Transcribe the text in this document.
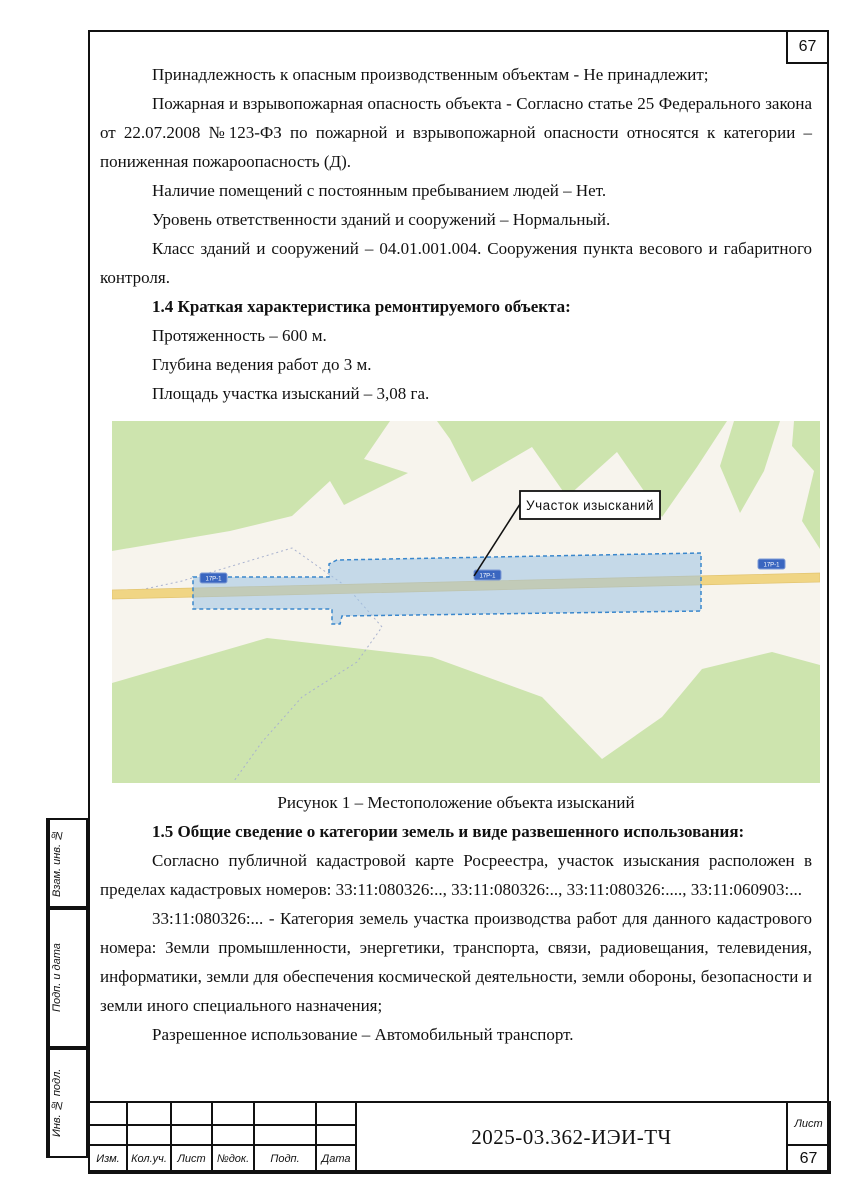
67

Принадлежность к опасным производственным объектам - Не принадлежит;

Пожарная и взрывопожарная опасность объекта - Согласно статье 25 Федерального закона от 22.07.2008 №123-ФЗ по пожарной и взрывопожарной опасности относятся к категории – пониженная пожароопасность (Д).

Наличие помещений с постоянным пребыванием людей – Нет.

Уровень ответственности зданий и сооружений – Нормальный.

Класс зданий и сооружений – 04.01.001.004. Сооружения пункта весового и габаритного контроля.

1.4 Краткая характеристика ремонтируемого объекта:

Протяженность – 600 м.

Глубина ведения работ до 3 м.

Площадь участка изысканий – 3,08 га.

17Р-1	17Р-1
17Р-1
Участок изысканий

Рисунок 1 – Местоположение объекта изысканий

1.5 Общие сведение о категории земель и виде развешенного использования:

Согласно публичной кадастровой карте Росреестра, участок изыскания расположен в пределах кадастровых номеров: 33:11:080326:.., 33:11:080326:.., 33:11:080326:...., 33:11:060903:...

33:11:080326:... - Категория земель участка производства работ для данного кадастрового номера: Земли промышленности, энергетики, транспорта, связи, радиовещания, телевидения, информатики, земли для обеспечения космической деятельности, земли обороны, безопасности и земли иного специального назначения;

Разрешенное использование – Автомобильный транспорт.

Взам. инв. №
Подп. и дата
Инв. № подл.
							2025-03.362-ИЭИ-ТЧ	Лист

Изм.	Кол.уч.	Лист	№док.	Подп.	Дата		67
